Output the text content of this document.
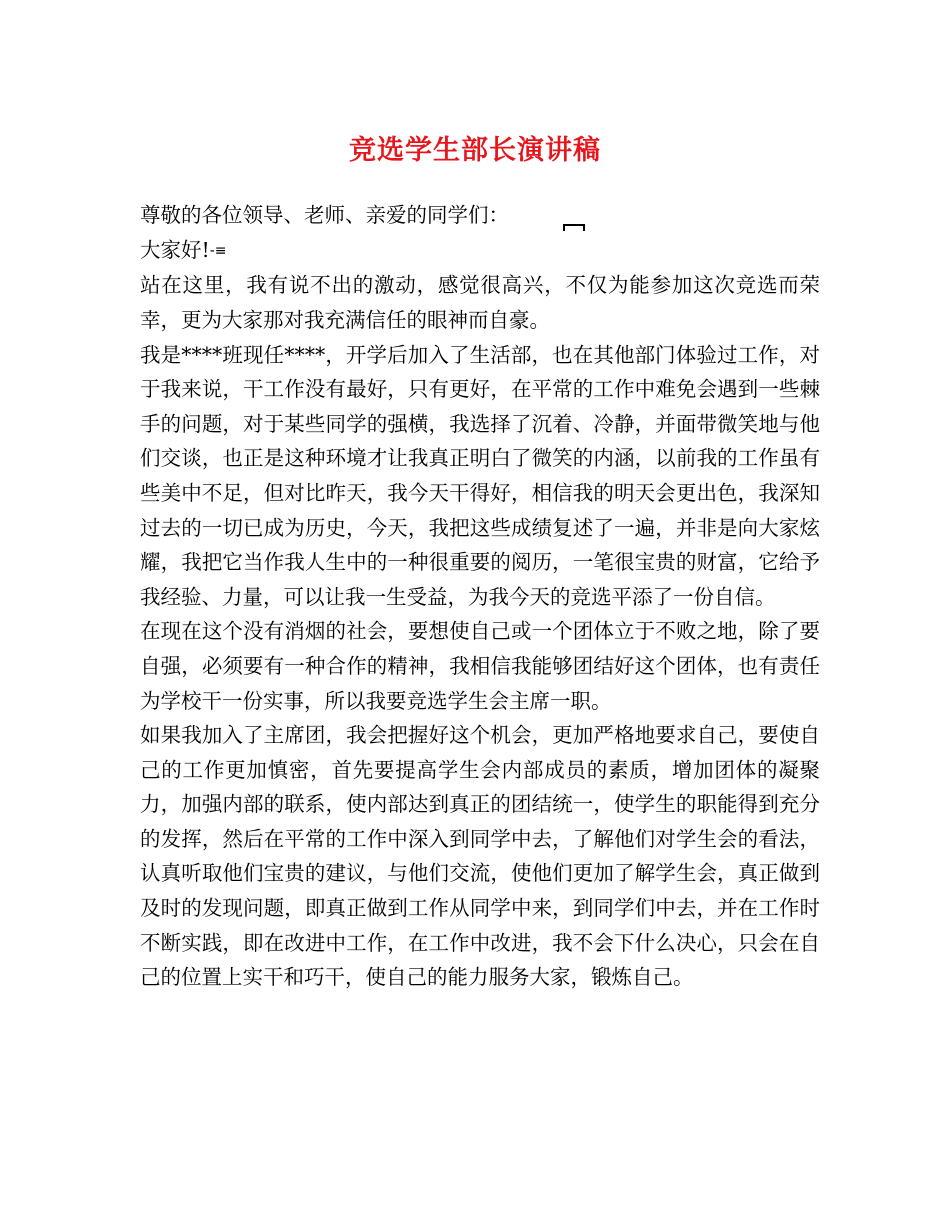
竞选学生部长演讲稿

尊敬的各位领导、老师、亲爱的同学们：

大家好!-≡

站在这里，我有说不出的激动，感觉很高兴，不仅为能参加这次竞选而荣幸，更为大家那对我充满信任的眼神而自豪。

我是****班现任****，开学后加入了生活部，也在其他部门体验过工作，对于我来说，干工作没有最好，只有更好，在平常的工作中难免会遇到一些棘手的问题，对于某些同学的强横，我选择了沉着、冷静，并面带微笑地与他们交谈，也正是这种环境才让我真正明白了微笑的内涵，以前我的工作虽有些美中不足，但对比昨天，我今天干得好，相信我的明天会更出色，我深知过去的一切已成为历史，今天，我把这些成绩复述了一遍，并非是向大家炫耀，我把它当作我人生中的一种很重要的阅历，一笔很宝贵的财富，它给予我经验、力量，可以让我一生受益，为我今天的竞选平添了一份自信。

在现在这个没有消烟的社会，要想使自己或一个团体立于不败之地，除了要自强，必须要有一种合作的精神，我相信我能够团结好这个团体，也有责任为学校干一份实事，所以我要竞选学生会主席一职。

如果我加入了主席团，我会把握好这个机会，更加严格地要求自己，要使自己的工作更加慎密，首先要提高学生会内部成员的素质，增加团体的凝聚力，加强内部的联系，使内部达到真正的团结统一，使学生的职能得到充分的发挥，然后在平常的工作中深入到同学中去，了解他们对学生会的看法，认真听取他们宝贵的建议，与他们交流，使他们更加了解学生会，真正做到及时的发现问题，即真正做到工作从同学中来，到同学们中去，并在工作时不断实践，即在改进中工作，在工作中改进，我不会下什么决心，只会在自己的位置上实干和巧干，使自己的能力服务大家，锻炼自己。
